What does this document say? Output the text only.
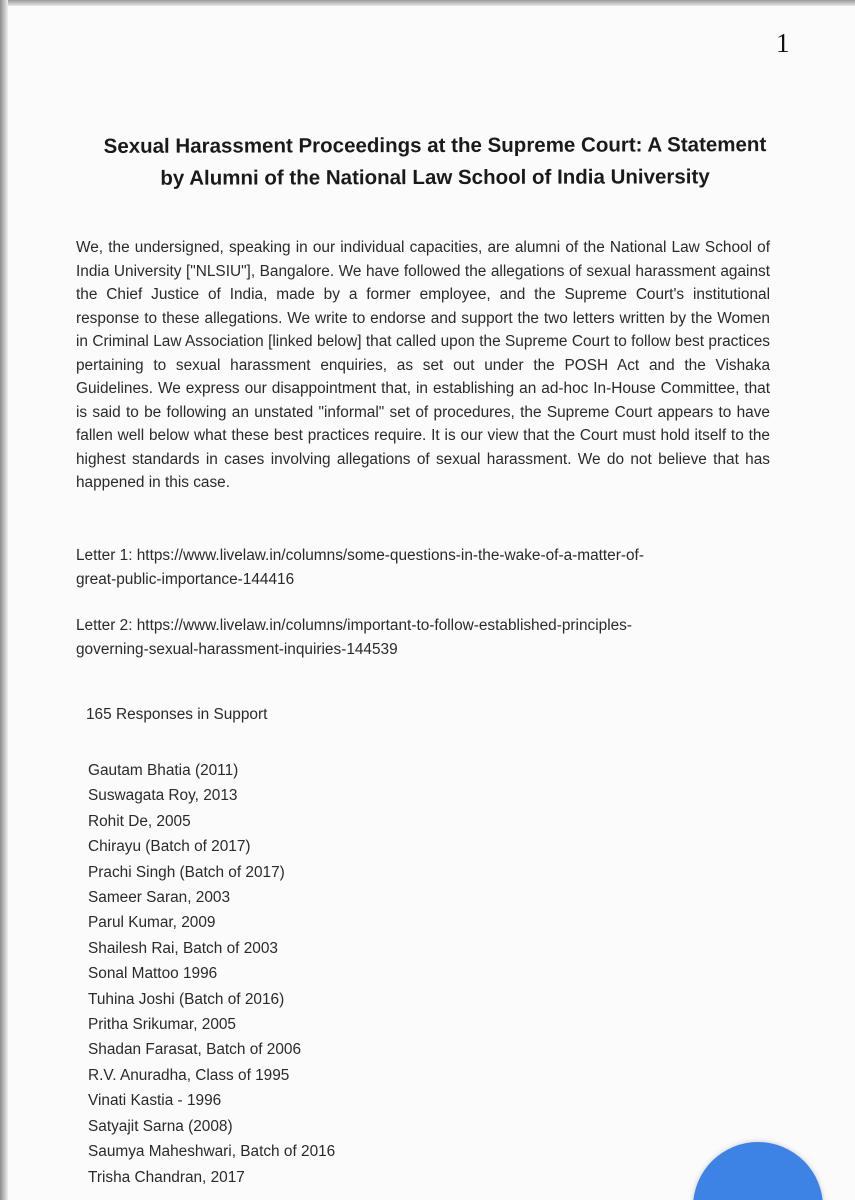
1
Sexual Harassment Proceedings at the Supreme Court: A Statement
by Alumni of the National Law School of India University
We, the undersigned, speaking in our individual capacities, are alumni of the National Law School of India University ["NLSIU"], Bangalore. We have followed the allegations of sexual harassment against the Chief Justice of India, made by a former employee, and the Supreme Court's institutional response to these allegations. We write to endorse and support the two letters written by the Women in Criminal Law Association [linked below] that called upon the Supreme Court to follow best practices pertaining to sexual harassment enquiries, as set out under the POSH Act and the Vishaka Guidelines. We express our disappointment that, in establishing an ad-hoc In-House Committee, that is said to be following an unstated "informal" set of procedures, the Supreme Court appears to have fallen well below what these best practices require. It is our view that the Court must hold itself to the highest standards in cases involving allegations of sexual harassment. We do not believe that has happened in this case.
Letter 1: https://www.livelaw.in/columns/some-questions-in-the-wake-of-a-matter-of-
great-public-importance-144416
Letter 2: https://www.livelaw.in/columns/important-to-follow-established-principles-
governing-sexual-harassment-inquiries-144539
165 Responses in Support
Gautam Bhatia (2011)
Suswagata Roy, 2013
Rohit De, 2005
Chirayu (Batch of 2017)
Prachi Singh (Batch of 2017)
Sameer Saran, 2003
Parul Kumar, 2009
Shailesh Rai, Batch of 2003
Sonal Mattoo 1996
Tuhina Joshi (Batch of 2016)
Pritha Srikumar, 2005
Shadan Farasat, Batch of 2006
R.V. Anuradha, Class of 1995
Vinati Kastia - 1996
Satyajit Sarna (2008)
Saumya Maheshwari, Batch of 2016
Trisha Chandran, 2017
